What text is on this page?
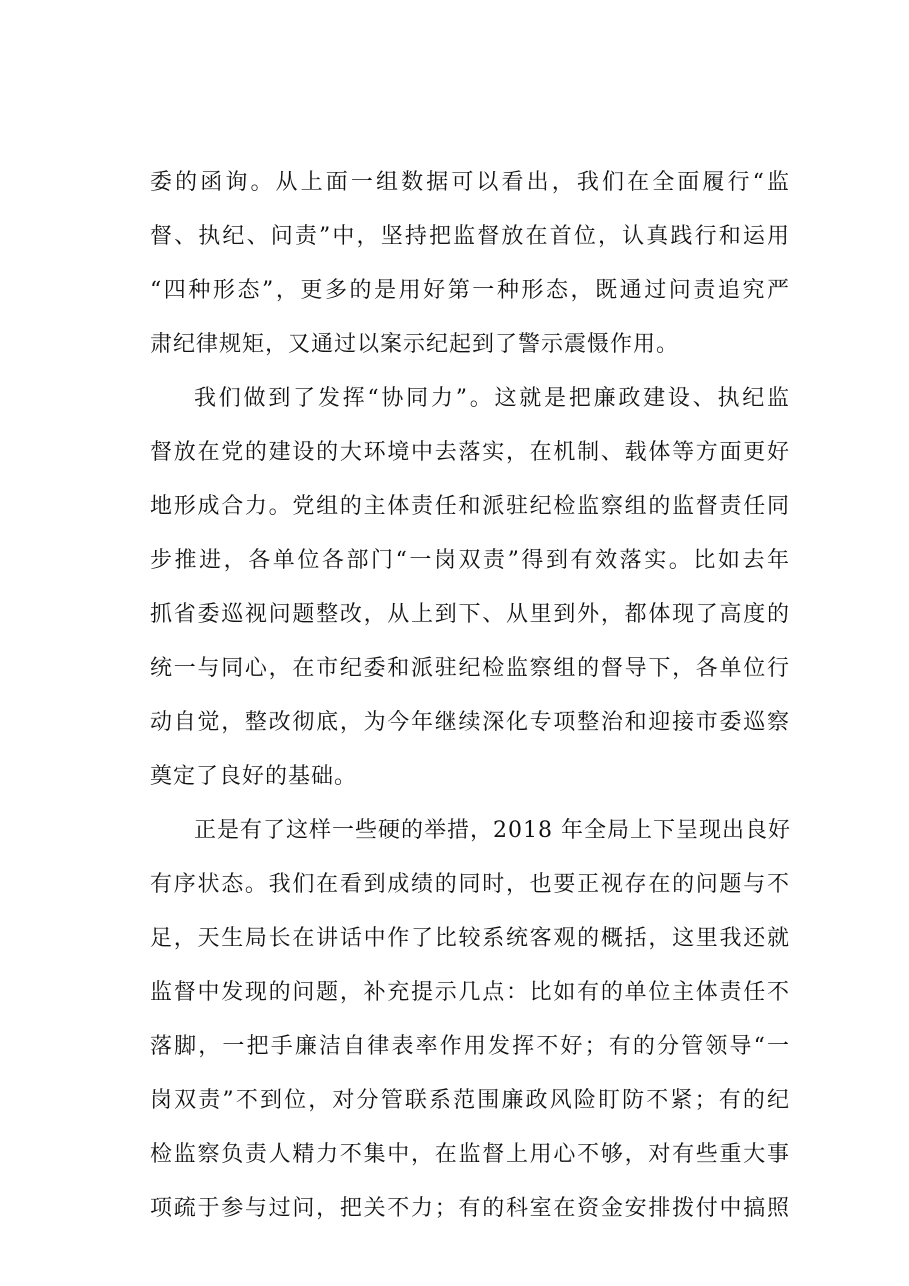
委的函询。从上面一组数据可以看出，我们在全面履行“监
督、执纪、问责”中，坚持把监督放在首位，认真践行和运用
“四种形态”，更多的是用好第一种形态，既通过问责追究严
肃纪律规矩，又通过以案示纪起到了警示震慑作用。
我们做到了发挥“协同力”。这就是把廉政建设、执纪监
督放在党的建设的大环境中去落实，在机制、载体等方面更好
地形成合力。党组的主体责任和派驻纪检监察组的监督责任同
步推进，各单位各部门“一岗双责”得到有效落实。比如去年
抓省委巡视问题整改，从上到下、从里到外，都体现了高度的
统一与同心，在市纪委和派驻纪检监察组的督导下，各单位行
动自觉，整改彻底，为今年继续深化专项整治和迎接市委巡察
奠定了良好的基础。
正是有了这样一些硬的举措，2018 年全局上下呈现出良好
有序状态。我们在看到成绩的同时，也要正视存在的问题与不
足，天生局长在讲话中作了比较系统客观的概括，这里我还就
监督中发现的问题，补充提示几点：比如有的单位主体责任不
落脚，一把手廉洁自律表率作用发挥不好；有的分管领导“一
岗双责”不到位，对分管联系范围廉政风险盯防不紧；有的纪
检监察负责人精力不集中，在监督上用心不够，对有些重大事
项疏于参与过问，把关不力；有的科室在资金安排拨付中搞照
